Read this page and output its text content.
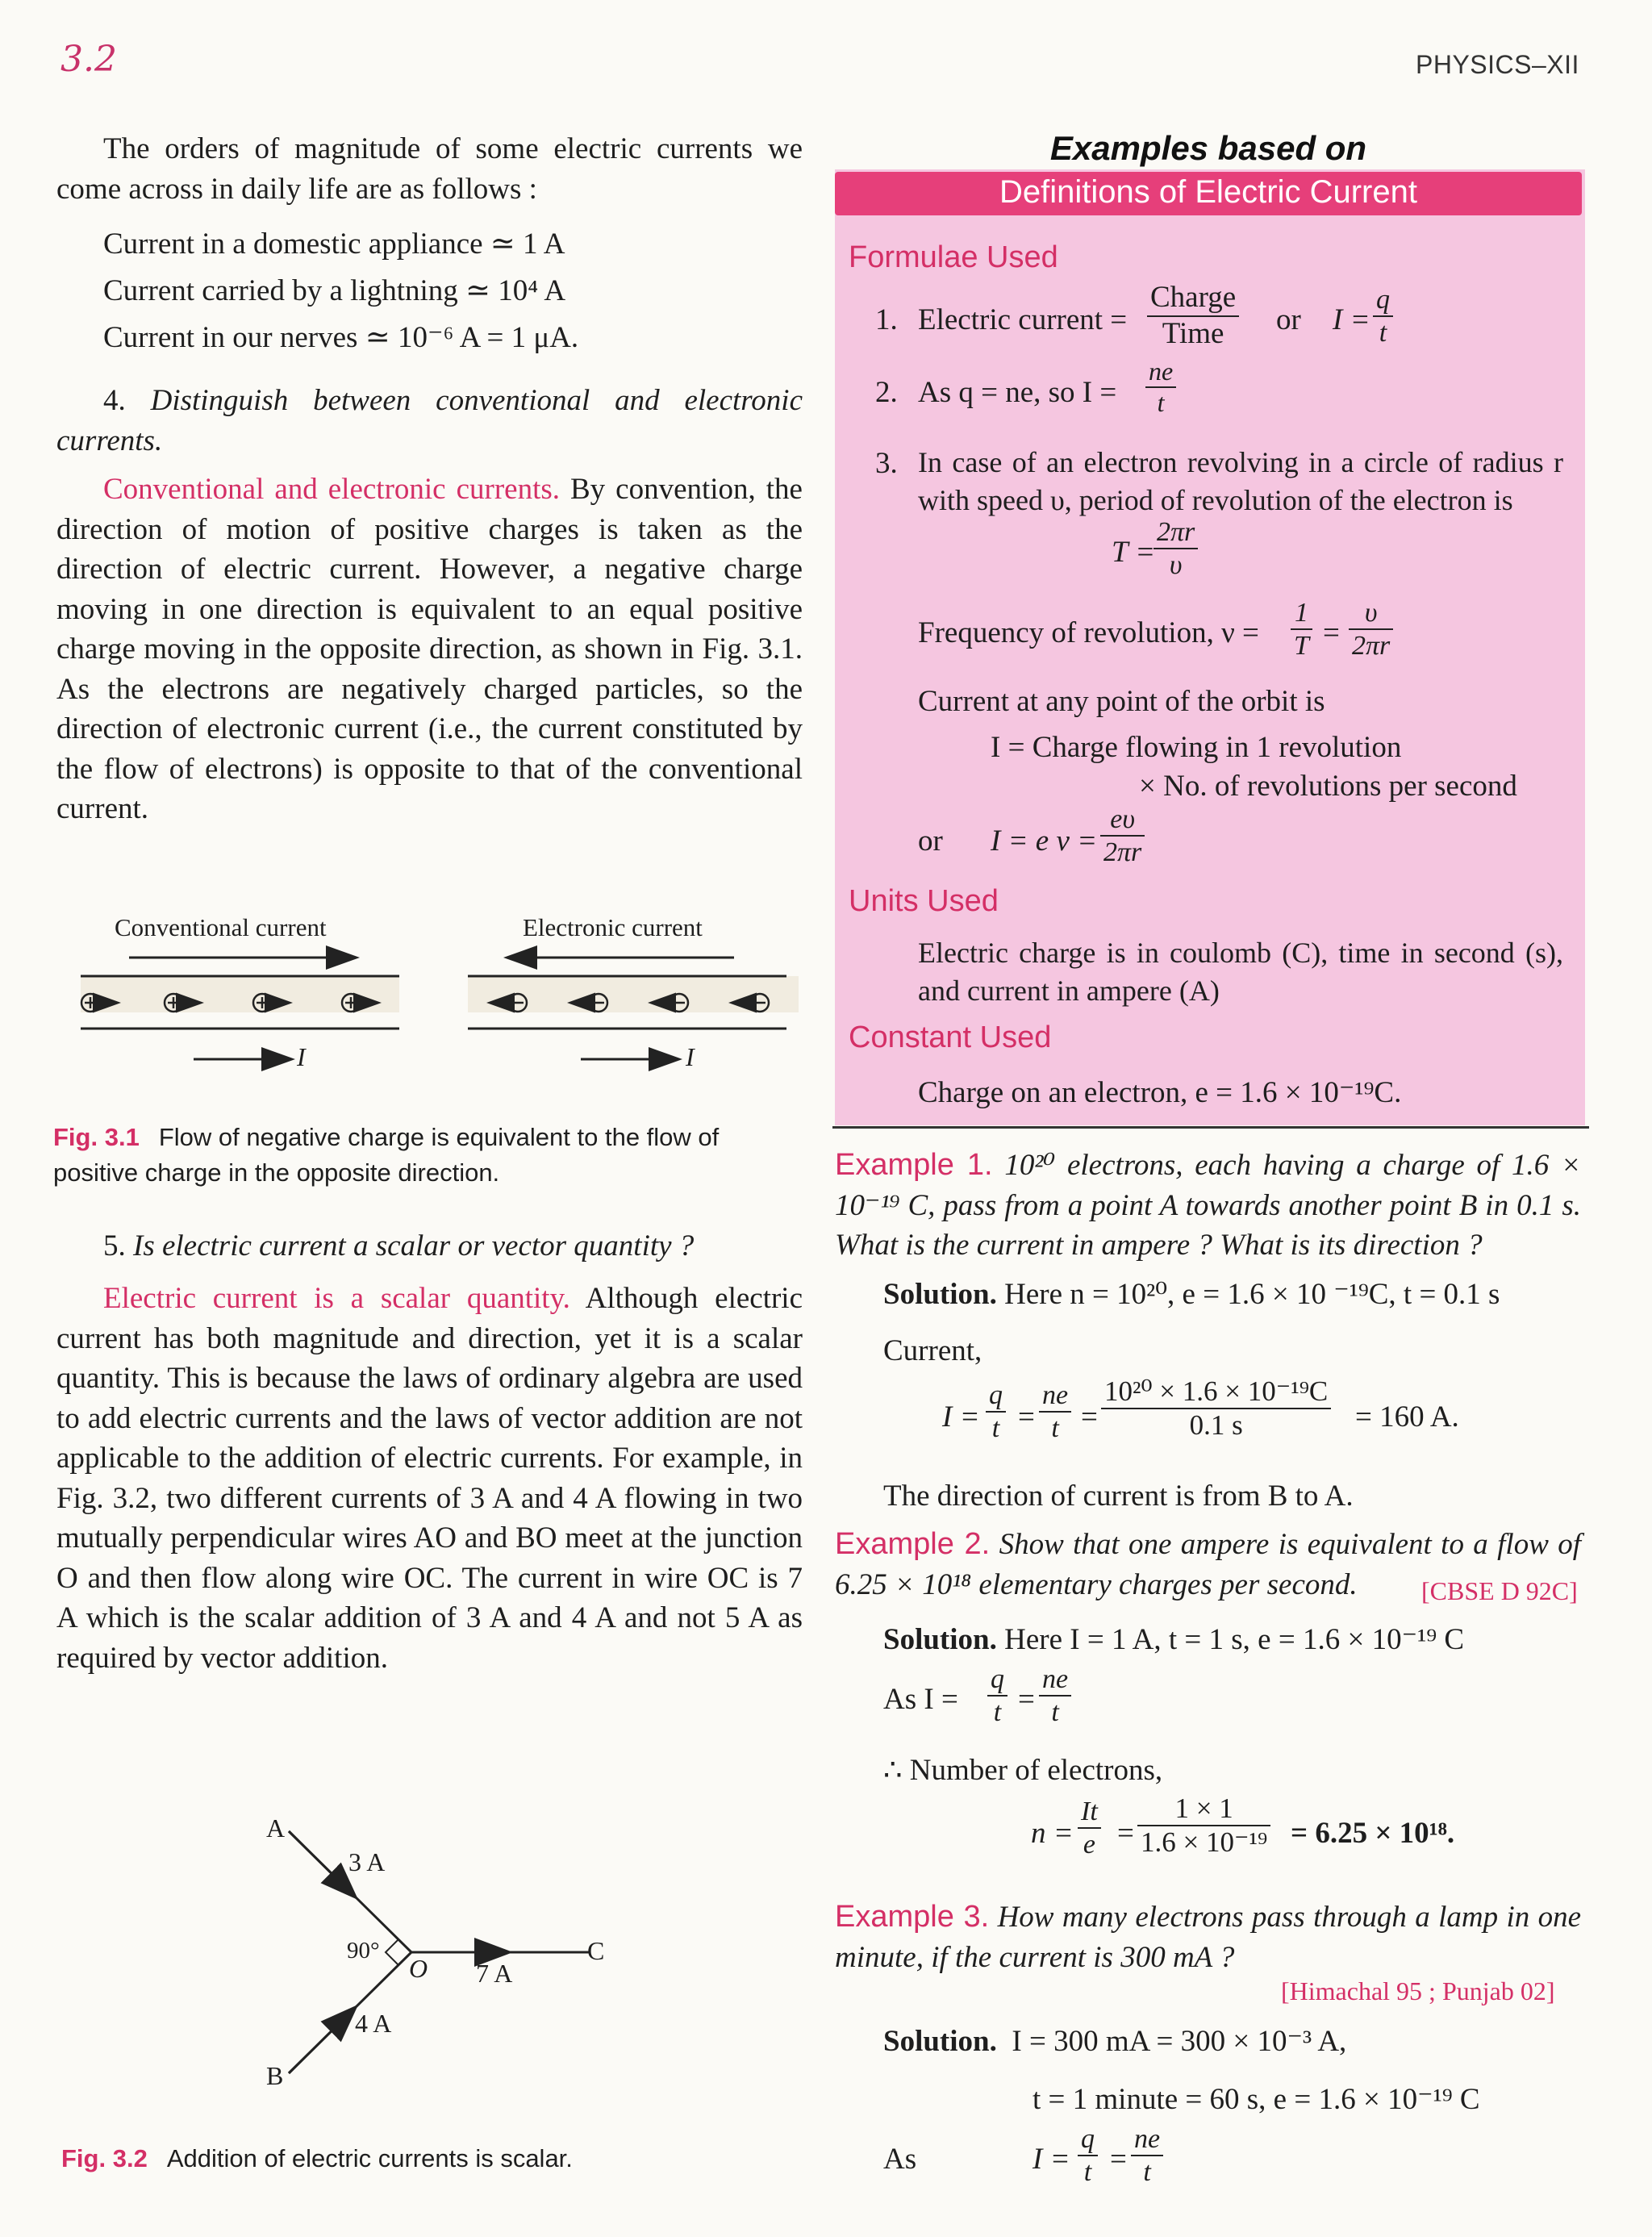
3.2	PHYSICS–XII
The orders of magnitude of some electric currents we come across in daily life are as follows :
Current in a domestic appliance ≃ 1 A
Current carried by a lightning ≃ 10⁴ A
Current in our nerves ≃ 10⁻⁶ A = 1 μA.
4. Distinguish between conventional and electronic currents.
Conventional and electronic currents. By convention, the direction of motion of positive charges is taken as the direction of electric current. However, a negative charge moving in one direction is equivalent to an equal positive charge moving in the opposite direction, as shown in Fig. 3.1. As the electrons are negatively charged particles, so the direction of electronic current (i.e., the current constituted by the flow of electrons) is opposite to that of the conventional current.
Conventional current	Electronic current
I	I
Fig. 3.1 Flow of negative charge is equivalent to the flow of positive charge in the opposite direction.
5. Is electric current a scalar or vector quantity ?
Electric current is a scalar quantity. Although electric current has both magnitude and direction, yet it is a scalar quantity. This is because the laws of ordinary algebra are used to add electric currents and the laws of vector addition are not applicable to the addition of electric currents. For example, in Fig. 3.2, two different currents of 3 A and 4 A flowing in two mutually perpendicular wires AO and BO meet at the junction O and then flow along wire OC. The current in wire OC is 7 A which is the scalar addition of 3 A and 4 A and not 5 A as required by vector addition.
A
3 A
90°
O 7 A
C
4 A
B
Fig. 3.2 Addition of electric currents is scalar.
Examples based on
Definitions of Electric Current
Formulae Used
1. Electric current =
Charge
Time	or $I = \frac{q}{t}$
2. As q = ne, so $I = \frac{ne}{t}$
3. In case of an electron revolving in a circle of radius r with speed υ, period of revolution of the electron is
T =
$\frac{2\pi r}{\upsilon}$
Frequency of revolution, $\nu = \frac{1}{T} = \frac{\upsilon}{2\pi r}$
Current at any point of the orbit is
I = Charge flowing in 1 revolution
× No. of revolutions per second
or I = e $\nu = \frac{e\upsilon}{2\pi r}$
Units Used
Electric charge is in coulomb (C), time in second (s), and current in ampere (A)
Constant Used
Charge on an electron, e = 1.6 × 10⁻¹⁹C.
Example 1. 10²⁰ electrons, each having a charge of 1.6 × 10⁻¹⁹ C, pass from a point A towards another point B in 0.1 s. What is the current in ampere ? What is its direction ?
Solution. Here n = 10²⁰, e = 1.6 × 10 ⁻¹⁹C, t = 0.1 s
Current,
$I = \frac{q}{t} = \frac{ne}{t} = \frac{\text{10²⁰ × 1.6 × 10⁻¹⁹C}}{0.1 s} = 160$ A.
The direction of current is from B to A.
Example 2. Show that one ampere is equivalent to a flow of 6.25 × 10¹⁸ elementary charges per second.	[CBSE D 92C]
Solution. Here I = 1 A, t = 1 s, e = 1.6 × 10⁻¹⁹ C
As $I = \frac{q}{t} = \frac{ne}{t}$
∴ Number of electrons,
$n = \frac{It}{e} = \frac{1 \times 1}{\text{1.6 × 10⁻¹⁹}} = 6.25 \times 10^{18}$.
Example 3. How many electrons pass through a lamp in one minute, if the current is 300 mA ?
[Himachal 95 ; Punjab 02]
Solution. I = 300 mA = 300 × 10⁻³ A,
t = 1 minute = 60 s, e = 1.6 × 10⁻¹⁹ C
As	$I = \frac{q}{t} = \frac{ne}{t}$
